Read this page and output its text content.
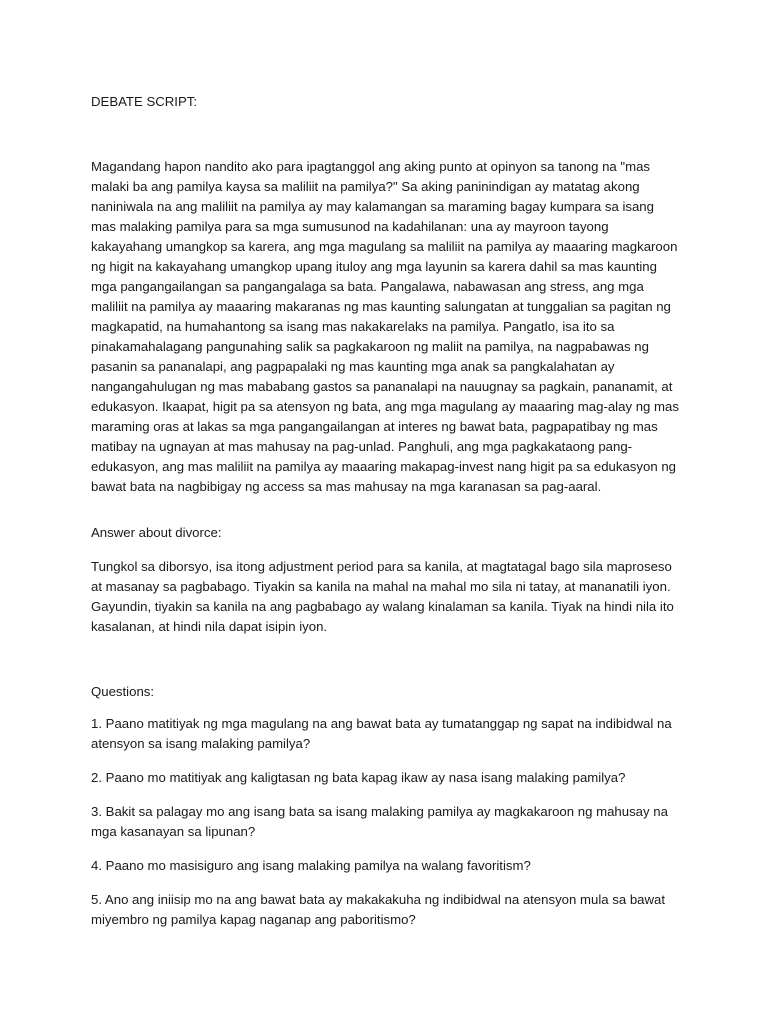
DEBATE SCRIPT:

Magandang hapon nandito ako para ipagtanggol ang aking punto at opinyon sa tanong na "mas malaki ba ang pamilya kaysa sa maliliit na pamilya?" Sa aking paninindigan ay matatag akong naniniwala na ang maliliit na pamilya ay may kalamangan sa maraming bagay kumpara sa isang mas malaking pamilya para sa mga sumusunod na kadahilanan: una ay mayroon tayong kakayahang umangkop sa karera, ang mga magulang sa maliliit na pamilya ay maaaring magkaroon ng higit na kakayahang umangkop upang ituloy ang mga layunin sa karera dahil sa mas kaunting mga pangangailangan sa pangangalaga sa bata. Pangalawa, nabawasan ang stress, ang mga maliliit na pamilya ay maaaring makaranas ng mas kaunting salungatan at tunggalian sa pagitan ng magkapatid, na humahantong sa isang mas nakakarelaks na pamilya. Pangatlo, isa ito sa pinakamahalagang pangunahing salik sa pagkakaroon ng maliit na pamilya, na nagpabawas ng pasanin sa pananalapi, ang pagpapalaki ng mas kaunting mga anak sa pangkalahatan ay nangangahulugan ng mas mababang gastos sa pananalapi na nauugnay sa pagkain, pananamit, at edukasyon. Ikaapat, higit pa sa atensyon ng bata, ang mga magulang ay maaaring mag-alay ng mas maraming oras at lakas sa mga pangangailangan at interes ng bawat bata, pagpapatibay ng mas matibay na ugnayan at mas mahusay na pag-unlad. Panghuli, ang mga pagkakataong pang-edukasyon, ang mas maliliit na pamilya ay maaaring makapag-invest nang higit pa sa edukasyon ng bawat bata na nagbibigay ng access sa mas mahusay na mga karanasan sa pag-aaral.

Answer about divorce:

Tungkol sa diborsyo, isa itong adjustment period para sa kanila, at magtatagal bago sila maproseso at masanay sa pagbabago. Tiyakin sa kanila na mahal na mahal mo sila ni tatay, at mananatili iyon. Gayundin, tiyakin sa kanila na ang pagbabago ay walang kinalaman sa kanila. Tiyak na hindi nila ito kasalanan, at hindi nila dapat isipin iyon.

Questions:

1. Paano matitiyak ng mga magulang na ang bawat bata ay tumatanggap ng sapat na indibidwal na atensyon sa isang malaking pamilya?
2. Paano mo matitiyak ang kaligtasan ng bata kapag ikaw ay nasa isang malaking pamilya?
3. Bakit sa palagay mo ang isang bata sa isang malaking pamilya ay magkakaroon ng mahusay na mga kasanayan sa lipunan?
4. Paano mo masisiguro ang isang malaking pamilya na walang favoritism?
5. Ano ang iniisip mo na ang bawat bata ay makakakuha ng indibidwal na atensyon mula sa bawat miyembro ng pamilya kapag naganap ang paboritismo?
